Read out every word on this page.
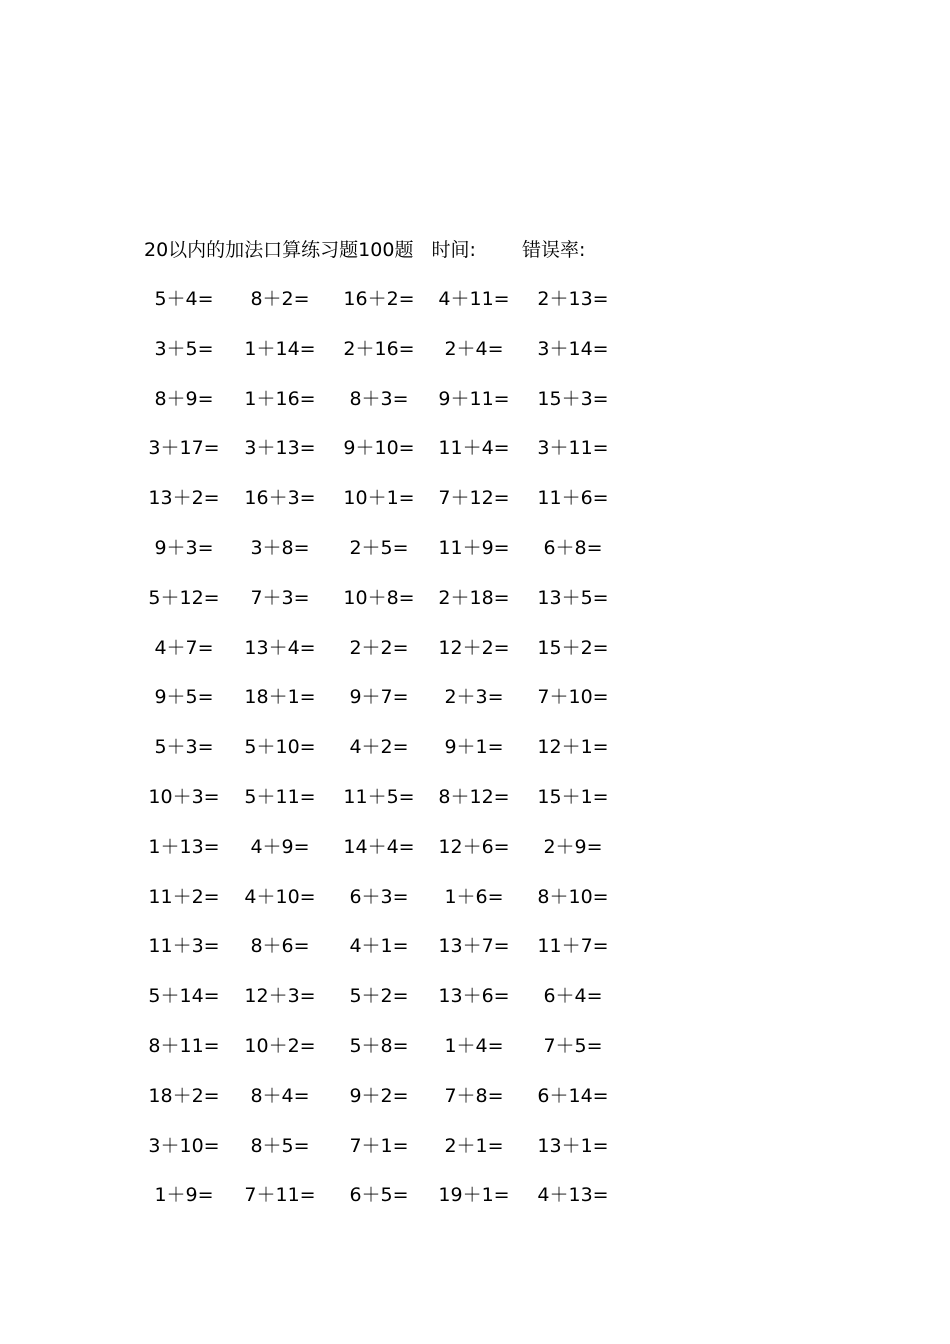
20以内的加法口算练习题100题 时间: 错误率:
5＋4= 8＋2= 16＋2= 4＋11= 2＋13=
3＋5= 1＋14= 2＋16= 2＋4= 3＋14=
8＋9= 1＋16= 8＋3= 9＋11= 15＋3=
3＋17= 3＋13= 9＋10= 11＋4= 3＋11=
13＋2= 16＋3= 10＋1= 7＋12= 11＋6=
9＋3= 3＋8= 2＋5= 11＋9= 6＋8=
5＋12= 7＋3= 10＋8= 2＋18= 13＋5=
4＋7= 13＋4= 2＋2= 12＋2= 15＋2=
9＋5= 18＋1= 9＋7= 2＋3= 7＋10=
5＋3= 5＋10= 4＋2= 9＋1= 12＋1=
10＋3= 5＋11= 11＋5= 8＋12= 15＋1=
1＋13= 4＋9= 14＋4= 12＋6= 2＋9=
11＋2= 4＋10= 6＋3= 1＋6= 8＋10=
11＋3= 8＋6= 4＋1= 13＋7= 11＋7=
5＋14= 12＋3= 5＋2= 13＋6= 6＋4=
8＋11= 10＋2= 5＋8= 1＋4= 7＋5=
18＋2= 8＋4= 9＋2= 7＋8= 6＋14=
3＋10= 8＋5= 7＋1= 2＋1= 13＋1=
1＋9= 7＋11= 6＋5= 19＋1= 4＋13=
